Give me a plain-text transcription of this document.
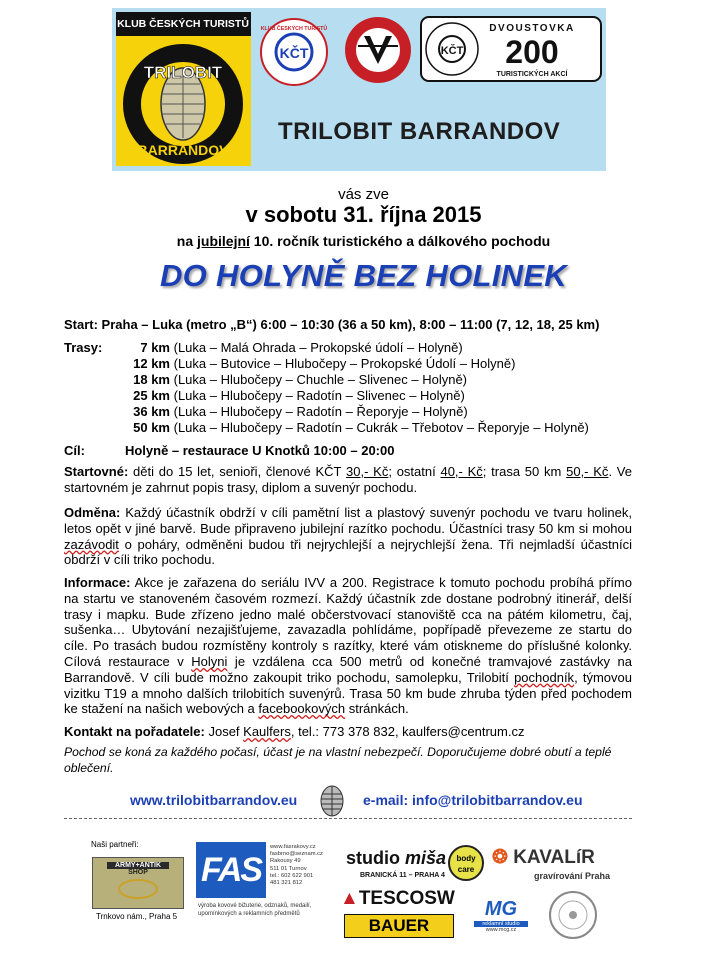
KLUB ČESKÝCH TURISTŮ
TRILOBIT
BARRANDOV
KČT
KLUB ČESKÝCH TURISTŮ
KČT
DVOUSTOVKA
200
TURISTICKÝCH AKCÍ
TRILOBIT BARRANDOV
vás zve
v sobotu 31. října 2015
na jubilejní 10. ročník turistického a dálkového pochodu
DO HOLYNĚ BEZ HOLINEK
Start: Praha – Luka (metro „B“) 6:00 – 10:30 (36 a 50 km), 8:00 – 11:00 (7, 12, 18, 25 km)
Trasy:	7 km (Luka – Malá Ohrada – Prokopské údolí – Holyně)
12 km (Luka – Butovice – Hlubočepy – Prokopské Údolí – Holyně)
18 km (Luka – Hlubočepy – Chuchle – Slivenec – Holyně)
25 km (Luka – Hlubočepy – Radotín – Slivenec – Holyně)
36 km (Luka – Hlubočepy – Radotín – Řeporyje – Holyně)
50 km (Luka – Hlubočepy – Radotín – Cukrák – Třebotov – Řeporyje – Holyně)
Cíl:	Holyně – restaurace U Knotků 10:00 – 20:00
Startovné: děti do 15 let, senioři, členové KČT 30,- Kč; ostatní 40,- Kč; trasa 50 km 50,- Kč. Ve startovném je zahrnut popis trasy, diplom a suvenýr pochodu.
Odměna: Každý účastník obdrží v cíli pamětní list a plastový suvenýr pochodu ve tvaru holinek, letos opět v jiné barvě. Bude připraveno jubilejní razítko pochodu. Účastníci trasy 50 km si mohou zazávodit o poháry, odměněni budou tři nejrychlejší a nejrychlejší žena. Tři nejmladší účastníci obdrží v cíli triko pochodu.
Informace: Akce je zařazena do seriálu IVV a 200. Registrace k tomuto pochodu probíhá přímo na startu ve stanoveném časovém rozmezí. Každý účastník zde dostane podrobný itinerář, delší trasy i mapku. Bude zřízeno jedno malé občerstvovací stanoviště cca na pátém kilometru, čaj, sušenka… Ubytování nezajišťujeme, zavazadla pohlídáme, popřípadě převezeme ze startu do cíle. Po trasách budou rozmístěny kontroly s razítky, které vám otiskneme do příslušné kolonky. Cílová restaurace v Holyni je vzdálena cca 500 metrů od konečné tramvajové zastávky na Barrandově. V cíli bude možno zakoupit triko pochodu, samolepku, Trilobití pochodník, týmovou vizitku T19 a mnoho dalších trilobitích suvenýrů. Trasa 50 km bude zhruba týden před pochodem ke stažení na našich webových a facebookových stránkách.
Kontakt na pořadatele: Josef Kaulfers, tel.: 773 378 832, kaulfers@centrum.cz
Pochod se koná za každého počasí, účast je na vlastní nebezpečí. Doporučujeme dobré obutí a teplé oblečení.
www.trilobitbarrandov.eu	e-mail: info@trilobitbarrandov.eu
Naši partneři:
ARMY+ANTIK
SHOP
Trnkovo nám., Praha 5
FAS
www.fasrakovy.cz
fasbrno@seznam.cz
Rakousy 49
511 01 Turnov
tel.: 602 622 901
481 321 812
výroba kovové bižuterie, odznaků, medailí, upomínkových a reklamních předmětů
studio miša
BRANICKÁ 11 – PRAHA 4
body
care
❂ KAVALíR
gravírování Praha
▲TESCOSW
BAUER
MG
reklamní studio
www.mcg.cz
